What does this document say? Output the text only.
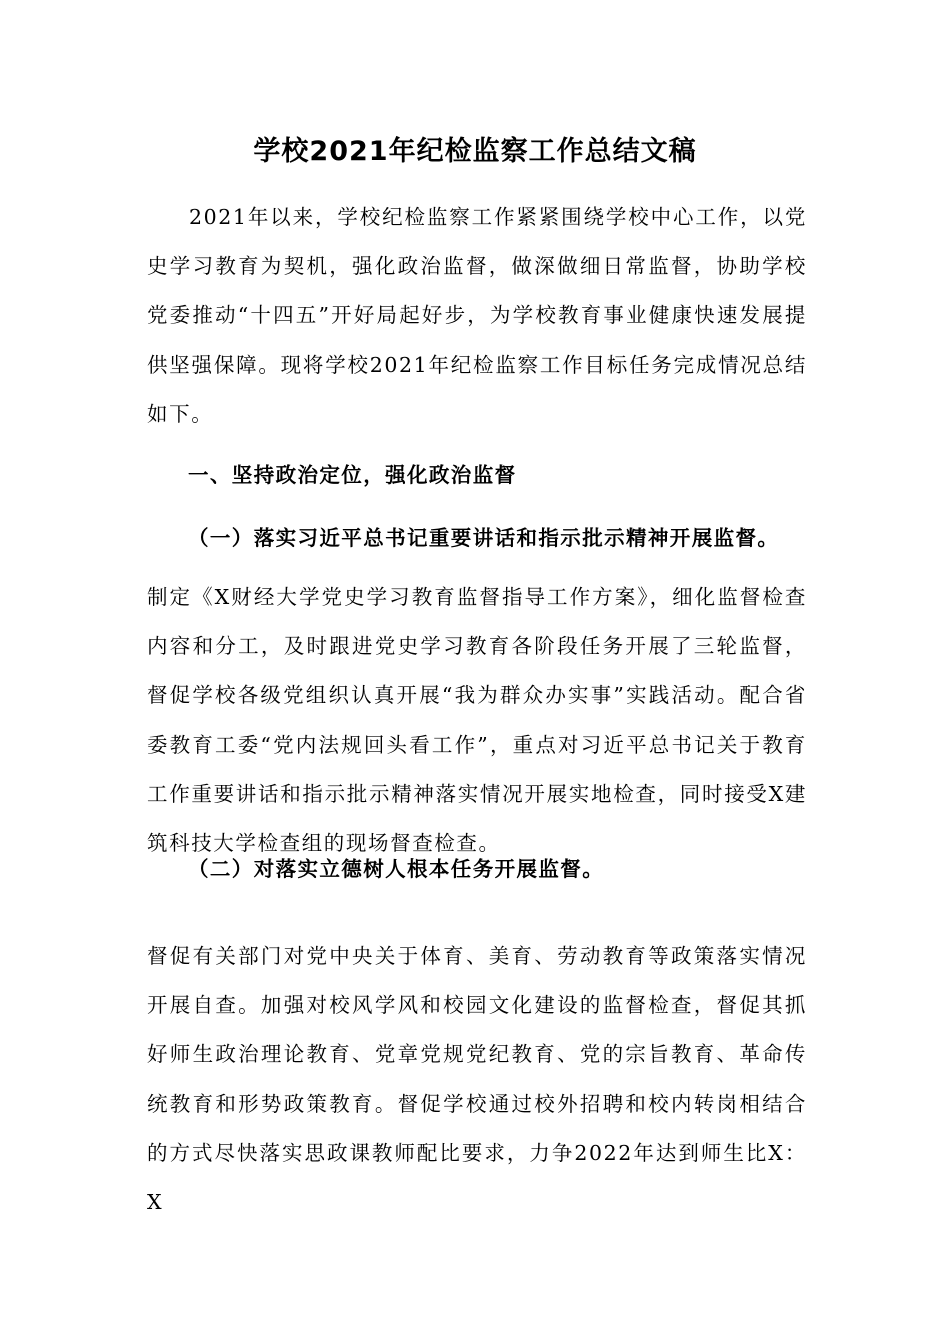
学校2021年纪检监察工作总结文稿

2021年以来，学校纪检监察工作紧紧围绕学校中心工作，以党史学习教育为契机，强化政治监督，做深做细日常监督，协助学校党委推动“十四五”开好局起好步，为学校教育事业健康快速发展提供坚强保障。现将学校2021年纪检监察工作目标任务完成情况总结如下。

一、坚持政治定位，强化政治监督
（一）落实习近平总书记重要讲话和指示批示精神开展监督。

制定《X财经大学党史学习教育监督指导工作方案》，细化监督检查内容和分工，及时跟进党史学习教育各阶段任务开展了三轮监督，督促学校各级党组织认真开展“我为群众办实事”实践活动。配合省委教育工委“党内法规回头看工作”，重点对习近平总书记关于教育工作重要讲话和指示批示精神落实情况开展实地检查，同时接受X建筑科技大学检查组的现场督查检查。

（二）对落实立德树人根本任务开展监督。

督促有关部门对党中央关于体育、美育、劳动教育等政策落实情况开展自查。加强对校风学风和校园文化建设的监督检查，督促其抓好师生政治理论教育、党章党规党纪教育、党的宗旨教育、革命传统教育和形势政策教育。督促学校通过校外招聘和校内转岗相结合的方式尽快落实思政课教师配比要求，力争2022年达到师生比X：X
